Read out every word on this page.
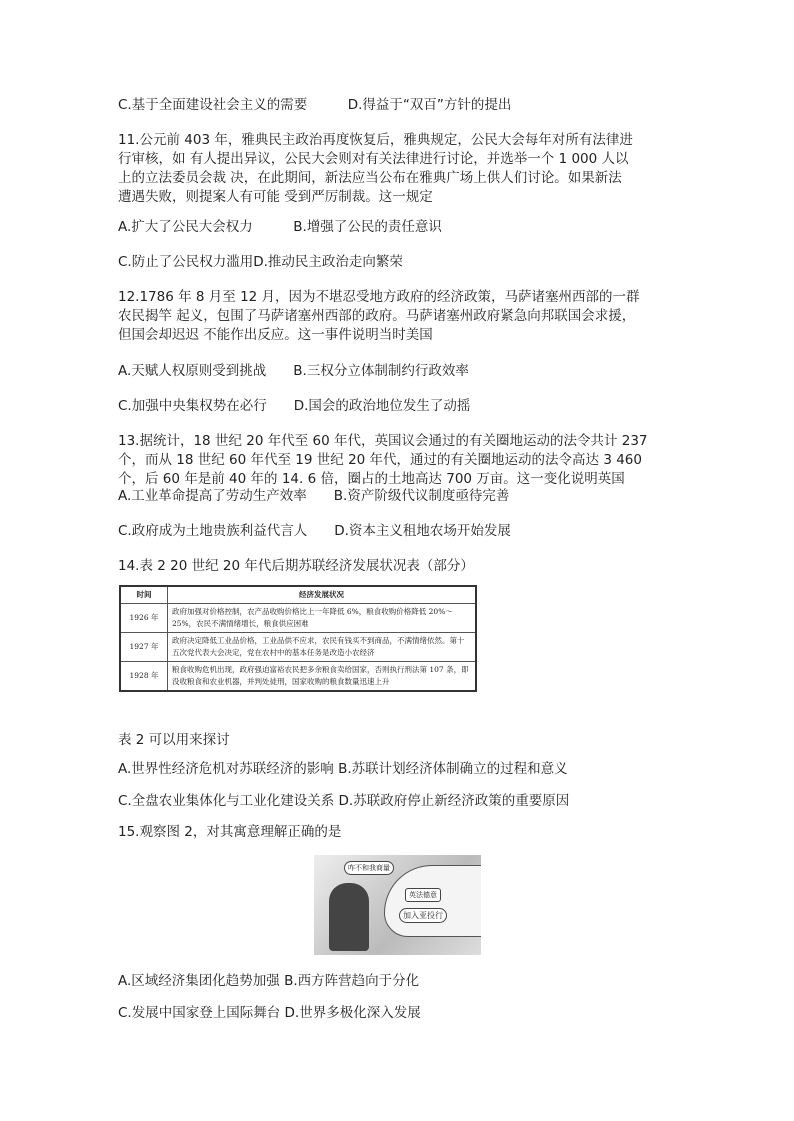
C.基于全面建设社会主义的需要　　　D.得益于“双百”方针的提出
11.公元前 403 年，雅典民主政治再度恢复后，雅典规定，公民大会每年对所有法律进
行审核，如 有人提出异议，公民大会则对有关法律进行讨论，并选举一个 1 000 人以
上的立法委员会裁 决，在此期间，新法应当公布在雅典广场上供人们讨论。如果新法
遭遇失败，则提案人有可能 受到严厉制裁。这一规定
A.扩大了公民大会权力　　　B.增强了公民的责任意识
C.防止了公民权力滥用D.推动民主政治走向繁荣
12.1786 年 8 月至 12 月，因为不堪忍受地方政府的经济政策，马萨诸塞州西部的一群
农民揭竿 起义，包围了马萨诸塞州西部的政府。马萨诸塞州政府紧急向邦联国会求援，
但国会却迟迟 不能作出反应。这一事件说明当时美国
A.天赋人权原则受到挑战　　B.三权分立体制制约行政效率
C.加强中央集权势在必行　　D.国会的政治地位发生了动摇
13.据统计，18 世纪 20 年代至 60 年代，英国议会通过的有关圈地运动的法令共计 237
个，而从 18 世纪 60 年代至 19 世纪 20 年代，通过的有关圈地运动的法令高达 3 460
个，后 60 年是前 40 年的 14. 6 倍，圈占的土地高达 700 万亩。这一变化说明英国
A.工业革命提高了劳动生产效率　　B.资产阶级代议制度亟待完善
C.政府成为土地贵族利益代言人　　D.资本主义租地农场开始发展
14.表 2 20 世纪 20 年代后期苏联经济发展状况表（部分）
时间	经济发展状况
1926 年	政府加强对价格控制，农产品收购价格比上一年降低 6%，粮食收购价格降低 20%～25%，农民不满情绪增长，粮食供应困难
1927 年	政府决定降低工业品价格，工业品供不应求，农民有钱买不到商品，不满情绪依然。第十五次党代表大会决定，党在农村中的基本任务是改造小农经济
1928 年	粮食收购危机出现，政府强迫富裕农民把多余粮食卖给国家，否则执行刑法第 107 条，即没收粮食和农业机器，并判处徒刑，国家收购的粮食数量迅速上升
表 2 可以用来探讨
A.世界性经济危机对苏联经济的影响 B.苏联计划经济体制确立的过程和意义
C.全盘农业集体化与工业化建设关系 D.苏联政府停止新经济政策的重要原因
15.观察图 2，对其寓意理解正确的是
英法德意
加入亚投行
咋不和我商量
A.区域经济集团化趋势加强 B.西方阵营趋向于分化
C.发展中国家登上国际舞台 D.世界多极化深入发展
